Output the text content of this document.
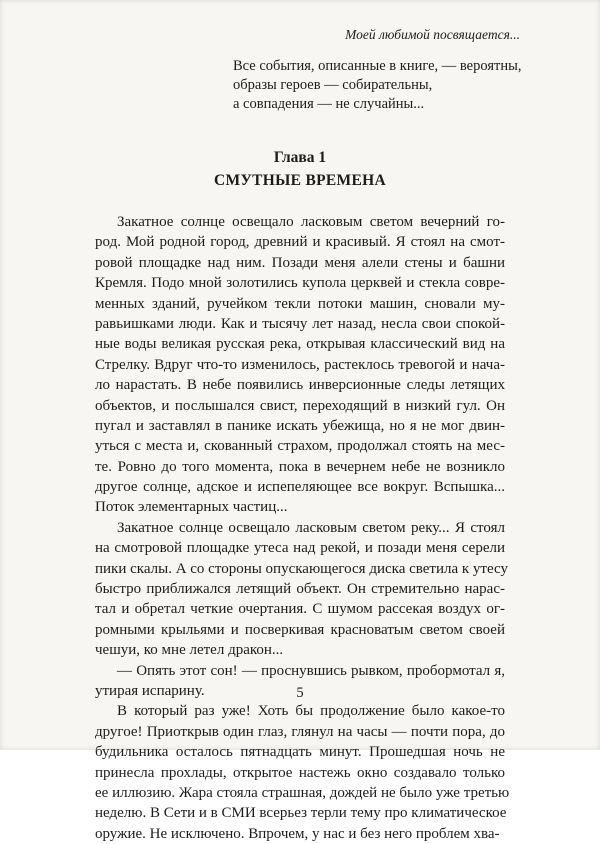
Моей любимой посвящается...
Все события, описанные в книге, — вероятны,
образы героев — собирательны,
а совпадения — не случайны...
Глава 1
СМУТНЫЕ ВРЕМЕНА
Закатное солнце освещало ласковым светом вечерний го-
род. Мой родной город, древний и красивый. Я стоял на смот-
ровой площадке над ним. Позади меня алели стены и башни
Кремля. Подо мной золотились купола церквей и стекла совре-
менных зданий, ручейком текли потоки машин, сновали му-
равьишками люди. Как и тысячу лет назад, несла свои спокой-
ные воды великая русская река, открывая классический вид на
Стрелку. Вдруг что-то изменилось, растеклось тревогой и нача-
ло нарастать. В небе появились инверсионные следы летящих
объектов, и послышался свист, переходящий в низкий гул. Он
пугал и заставлял в панике искать убежища, но я не мог двин-
уться с места и, скованный страхом, продолжал стоять на мес-
те. Ровно до того момента, пока в вечернем небе не возникло
другое солнце, адское и испепеляющее все вокруг. Вспышка...
Поток элементарных частиц...
Закатное солнце освещало ласковым светом реку... Я стоял
на смотровой площадке утеса над рекой, и позади меня серели
пики скалы. А со стороны опускающегося диска светила к утесу
быстро приближался летящий объект. Он стремительно нарас-
тал и обретал четкие очертания. С шумом рассекая воздух ог-
ромными крыльями и посверкивая красноватым светом своей
чешуи, ко мне летел дракон...
— Опять этот сон! — проснувшись рывком, пробормотал я,
утирая испарину.
В который раз уже! Хоть бы продолжение было какое-то
другое! Приоткрыв один глаз, глянул на часы — почти пора, до
будильника осталось пятнадцать минут. Прошедшая ночь не
принесла прохлады, открытое настежь окно создавало только
ее иллюзию. Жара стояла страшная, дождей не было уже третью
неделю. В Сети и в СМИ всерьез терли тему про климатическое
оружие. Не исключено. Впрочем, у нас и без него проблем хва-
5
